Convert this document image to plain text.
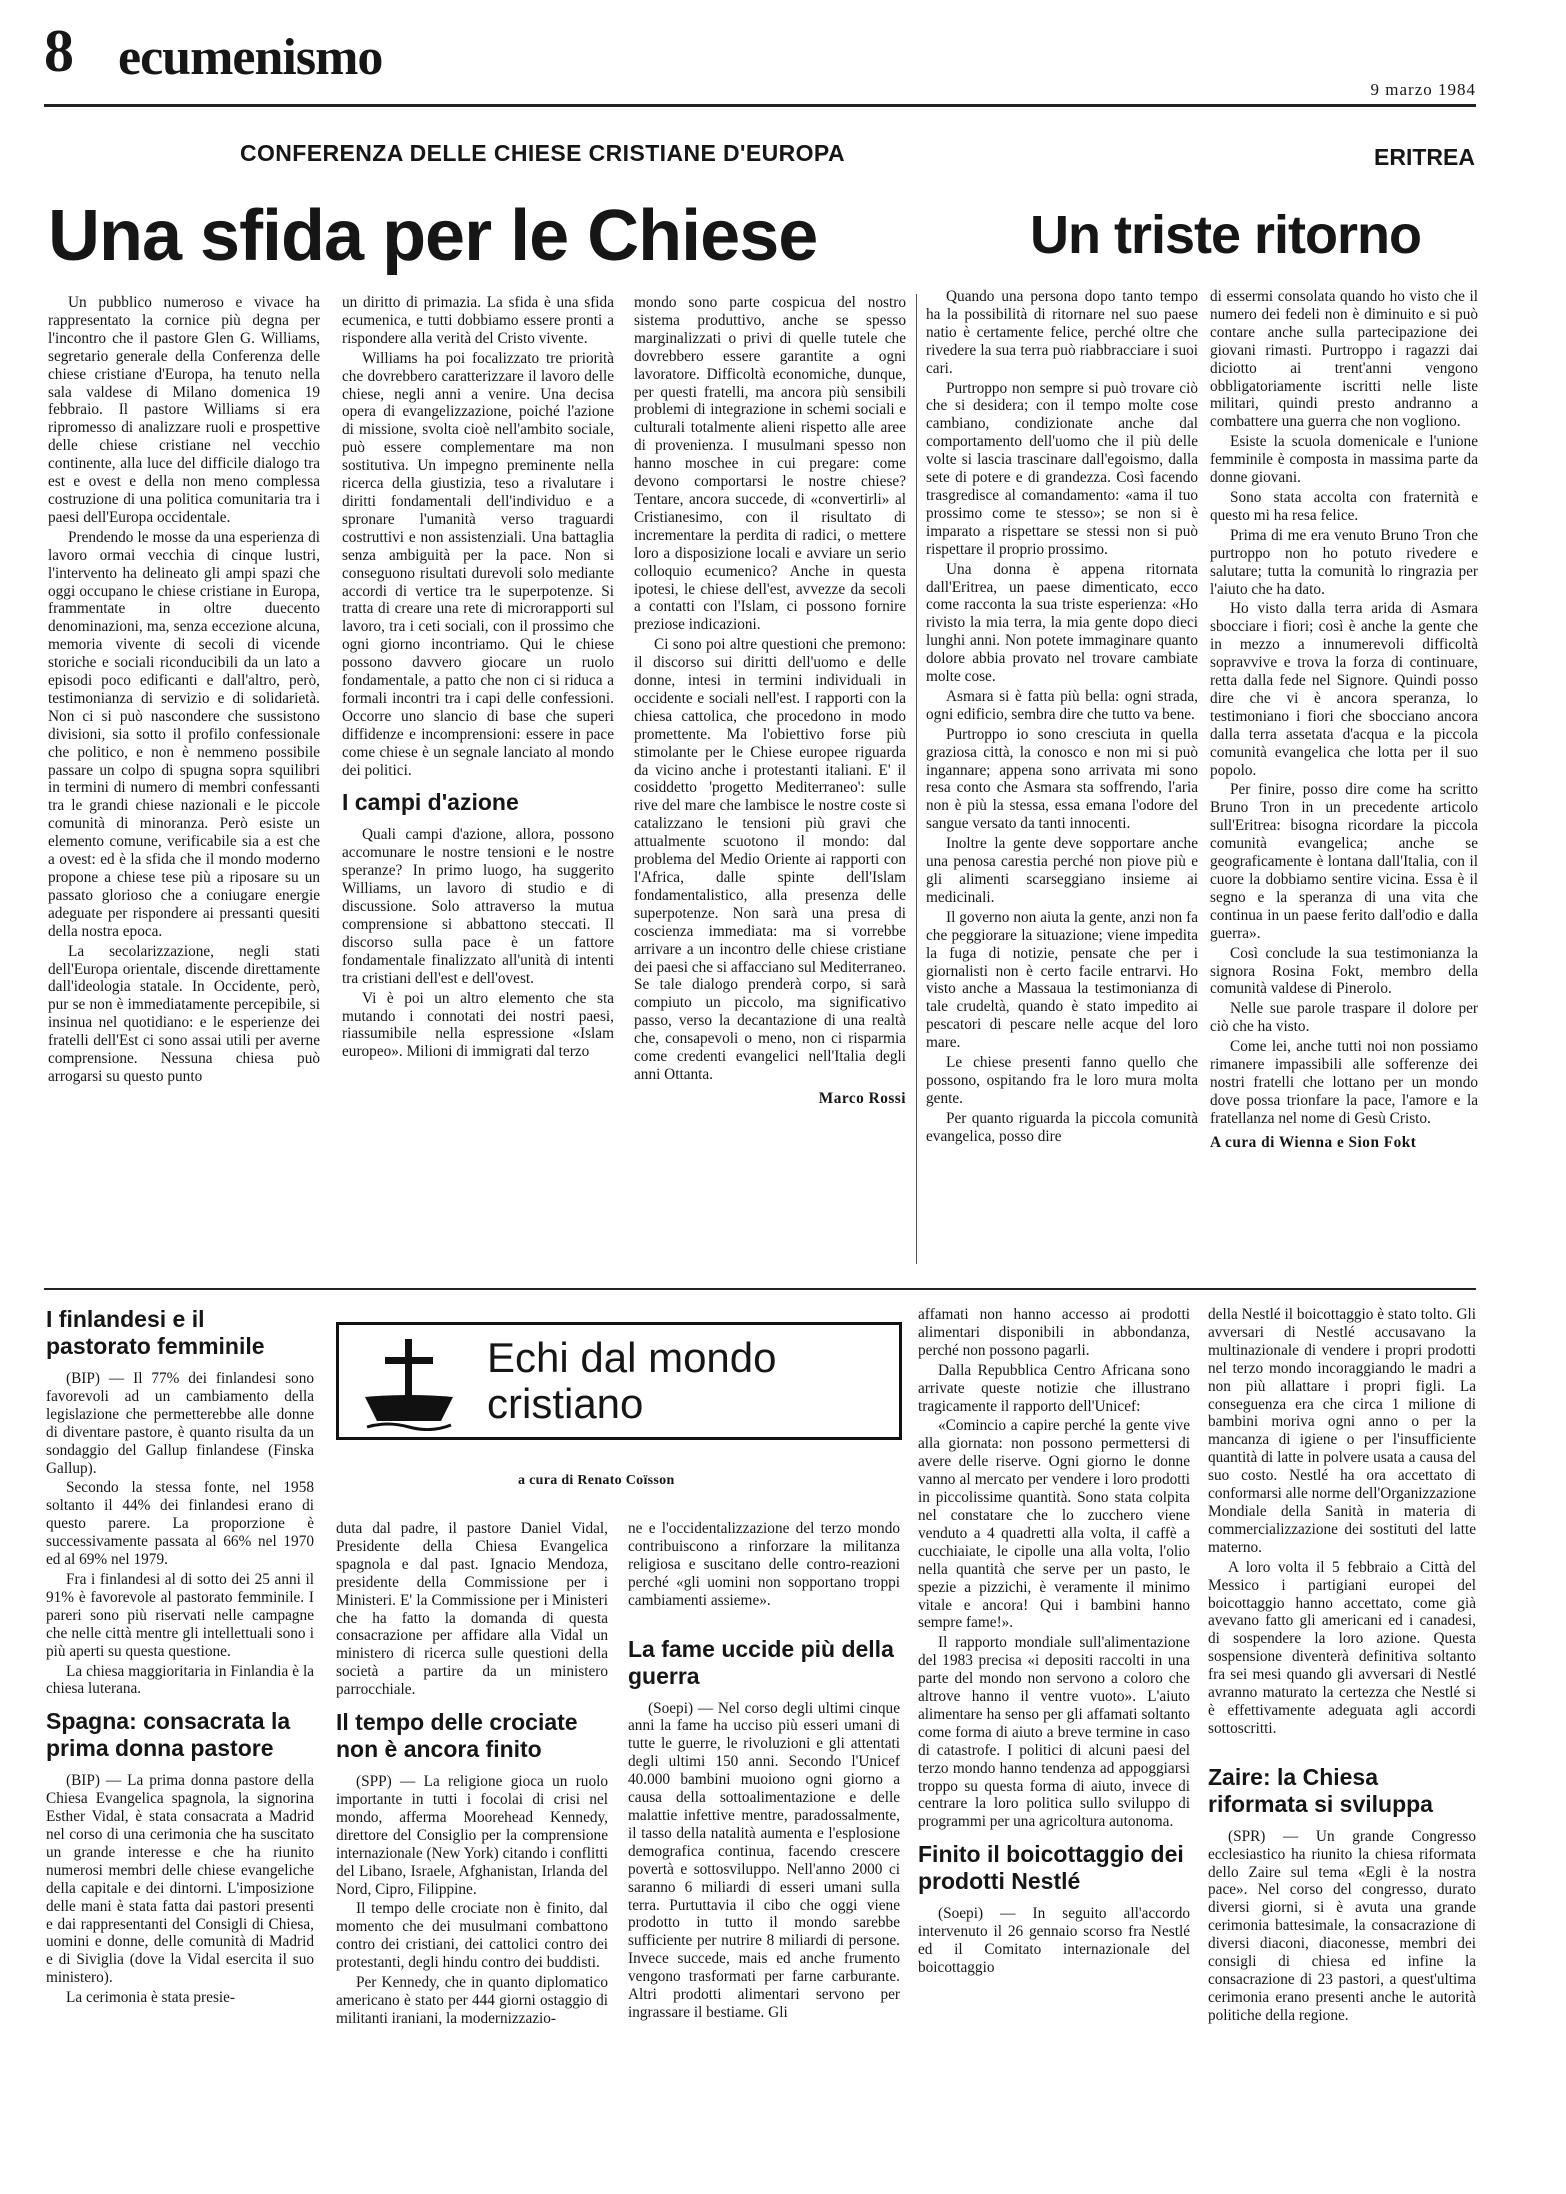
8 ecumenismo
9 marzo 1984
CONFERENZA DELLE CHIESE CRISTIANE D'EUROPA
Una sfida per le Chiese
ERITREA
Un triste ritorno

Un pubblico numeroso e vivace ha rappresentato la cornice più degna per l'incontro che il pastore Glen G. Williams, segretario generale della Conferenza delle chiese cristiane d'Europa, ha tenuto nella sala valdese di Milano domenica 19 febbraio. Il pastore Williams si era ripromesso di analizzare ruoli e prospettive delle chiese cristiane nel vecchio continente, alla luce del difficile dialogo tra est e ovest e della non meno complessa costruzione di una politica comunitaria tra i paesi dell'Europa occidentale.

Prendendo le mosse da una esperienza di lavoro ormai vecchia di cinque lustri, l'intervento ha delineato gli ampi spazi che oggi occupano le chiese cristiane in Europa, frammentate in oltre duecento denominazioni, ma, senza eccezione alcuna, memoria vivente di secoli di vicende storiche e sociali riconducibili da un lato a episodi poco edificanti e dall'altro, però, testimonianza di servizio e di solidarietà. Non ci si può nascondere che sussistono divisioni, sia sotto il profilo confessionale che politico, e non è nemmeno possibile passare un colpo di spugna sopra squilibri in termini di numero di membri confessanti tra le grandi chiese nazionali e le piccole comunità di minoranza. Però esiste un elemento comune, verificabile sia a est che a ovest: ed è la sfida che il mondo moderno propone a chiese tese più a riposare su un passato glorioso che a coniugare energie adeguate per rispondere ai pressanti quesiti della nostra epoca.

La secolarizzazione, negli stati dell'Europa orientale, discende direttamente dall'ideologia statale. In Occidente, però, pur se non è immediatamente percepibile, si insinua nel quotidiano: e le esperienze dei fratelli dell'Est ci sono assai utili per averne comprensione. Nessuna chiesa può arrogarsi su questo punto

un diritto di primazia. La sfida è una sfida ecumenica, e tutti dobbiamo essere pronti a rispondere alla verità del Cristo vivente.

Williams ha poi focalizzato tre priorità che dovrebbero caratterizzare il lavoro delle chiese, negli anni a venire. Una decisa opera di evangelizzazione, poiché l'azione di missione, svolta cioè nell'ambito sociale, può essere complementare ma non sostitutiva. Un impegno preminente nella ricerca della giustizia, teso a rivalutare i diritti fondamentali dell'individuo e a spronare l'umanità verso traguardi costruttivi e non assistenziali. Una battaglia senza ambiguità per la pace. Non si conseguono risultati durevoli solo mediante accordi di vertice tra le superpotenze. Si tratta di creare una rete di microrapporti sul lavoro, tra i ceti sociali, con il prossimo che ogni giorno incontriamo. Qui le chiese possono davvero giocare un ruolo fondamentale, a patto che non ci si riduca a formali incontri tra i capi delle confessioni. Occorre uno slancio di base che superi diffidenze e incomprensioni: essere in pace come chiese è un segnale lanciato al mondo dei politici.

I campi d'azione

Quali campi d'azione, allora, possono accomunare le nostre tensioni e le nostre speranze? In primo luogo, ha suggerito Williams, un lavoro di studio e di discussione. Solo attraverso la mutua comprensione si abbattono steccati. Il discorso sulla pace è un fattore fondamentale finalizzato all'unità di intenti tra cristiani dell'est e dell'ovest.

Vi è poi un altro elemento che sta mutando i connotati dei nostri paesi, riassumibile nella espressione «Islam europeo». Milioni di immigrati dal terzo

mondo sono parte cospicua del nostro sistema produttivo, anche se spesso marginalizzati o privi di quelle tutele che dovrebbero essere garantite a ogni lavoratore. Difficoltà economiche, dunque, per questi fratelli, ma ancora più sensibili problemi di integrazione in schemi sociali e culturali totalmente alieni rispetto alle aree di provenienza. I musulmani spesso non hanno moschee in cui pregare: come devono comportarsi le nostre chiese? Tentare, ancora succede, di «convertirli» al Cristianesimo, con il risultato di incrementare la perdita di radici, o mettere loro a disposizione locali e avviare un serio colloquio ecumenico? Anche in questa ipotesi, le chiese dell'est, avvezze da secoli a contatti con l'Islam, ci possono fornire preziose indicazioni.

Ci sono poi altre questioni che premono: il discorso sui diritti dell'uomo e delle donne, intesi in termini individuali in occidente e sociali nell'est. I rapporti con la chiesa cattolica, che procedono in modo promettente. Ma l'obiettivo forse più stimolante per le Chiese europee riguarda da vicino anche i protestanti italiani. E' il cosiddetto 'progetto Mediterraneo': sulle rive del mare che lambisce le nostre coste si catalizzano le tensioni più gravi che attualmente scuotono il mondo: dal problema del Medio Oriente ai rapporti con l'Africa, dalle spinte dell'Islam fondamentalistico, alla presenza delle superpotenze. Non sarà una presa di coscienza immediata: ma si vorrebbe arrivare a un incontro delle chiese cristiane dei paesi che si affacciano sul Mediterraneo. Se tale dialogo prenderà corpo, si sarà compiuto un piccolo, ma significativo passo, verso la decantazione di una realtà che, consapevoli o meno, non ci risparmia come credenti evangelici nell'Italia degli anni Ottanta.

Marco Rossi

Quando una persona dopo tanto tempo ha la possibilità di ritornare nel suo paese natio è certamente felice, perché oltre che rivedere la sua terra può riabbracciare i suoi cari.

Purtroppo non sempre si può trovare ciò che si desidera; con il tempo molte cose cambiano, condizionate anche dal comportamento dell'uomo che il più delle volte si lascia trascinare dall'egoismo, dalla sete di potere e di grandezza. Così facendo trasgredisce al comandamento: «ama il tuo prossimo come te stesso»; se non si è imparato a rispettare se stessi non si può rispettare il proprio prossimo.

Una donna è appena ritornata dall'Eritrea, un paese dimenticato, ecco come racconta la sua triste esperienza: «Ho rivisto la mia terra, la mia gente dopo dieci lunghi anni. Non potete immaginare quanto dolore abbia provato nel trovare cambiate molte cose.

Asmara si è fatta più bella: ogni strada, ogni edificio, sembra dire che tutto va bene.

Purtroppo io sono cresciuta in quella graziosa città, la conosco e non mi si può ingannare; appena sono arrivata mi sono resa conto che Asmara sta soffrendo, l'aria non è più la stessa, essa emana l'odore del sangue versato da tanti innocenti.

Inoltre la gente deve sopportare anche una penosa carestia perché non piove più e gli alimenti scarseggiano insieme ai medicinali.

Il governo non aiuta la gente, anzi non fa che peggiorare la situazione; viene impedita la fuga di notizie, pensate che per i giornalisti non è certo facile entrarvi. Ho visto anche a Massaua la testimonianza di tale crudeltà, quando è stato impedito ai pescatori di pescare nelle acque del loro mare.

Le chiese presenti fanno quello che possono, ospitando fra le loro mura molta gente.

Per quanto riguarda la piccola comunità evangelica, posso dire

di essermi consolata quando ho visto che il numero dei fedeli non è diminuito e si può contare anche sulla partecipazione dei giovani rimasti. Purtroppo i ragazzi dai diciotto ai trent'anni vengono obbligatoriamente iscritti nelle liste militari, quindi presto andranno a combattere una guerra che non vogliono.

Esiste la scuola domenicale e l'unione femminile è composta in massima parte da donne giovani.

Sono stata accolta con fraternità e questo mi ha resa felice.

Prima di me era venuto Bruno Tron che purtroppo non ho potuto rivedere e salutare; tutta la comunità lo ringrazia per l'aiuto che ha dato.

Ho visto dalla terra arida di Asmara sbocciare i fiori; così è anche la gente che in mezzo a innumerevoli difficoltà sopravvive e trova la forza di continuare, retta dalla fede nel Signore. Quindi posso dire che vi è ancora speranza, lo testimoniano i fiori che sbocciano ancora dalla terra assetata d'acqua e la piccola comunità evangelica che lotta per il suo popolo.

Per finire, posso dire come ha scritto Bruno Tron in un precedente articolo sull'Eritrea: bisogna ricordare la piccola comunità evangelica; anche se geograficamente è lontana dall'Italia, con il cuore la dobbiamo sentire vicina. Essa è il segno e la speranza di una vita che continua in un paese ferito dall'odio e dalla guerra».

Così conclude la sua testimonianza la signora Rosina Fokt, membro della comunità valdese di Pinerolo.

Nelle sue parole traspare il dolore per ciò che ha visto.

Come lei, anche tutti noi non possiamo rimanere impassibili alle sofferenze dei nostri fratelli che lottano per un mondo dove possa trionfare la pace, l'amore e la fratellanza nel nome di Gesù Cristo.

A cura di Wienna e Sion Fokt
Echi dal mondo
cristiano
a cura di Renato Coïsson
I finlandesi e il pastorato femminile

(BIP) — Il 77% dei finlandesi sono favorevoli ad un cambiamento della legislazione che permetterebbe alle donne di diventare pastore, è quanto risulta da un sondaggio del Gallup finlandese (Finska Gallup).

Secondo la stessa fonte, nel 1958 soltanto il 44% dei finlandesi erano di questo parere. La proporzione è successivamente passata al 66% nel 1970 ed al 69% nel 1979.

Fra i finlandesi al di sotto dei 25 anni il 91% è favorevole al pastorato femminile. I pareri sono più riservati nelle campagne che nelle città mentre gli intellettuali sono i più aperti su questa questione.

La chiesa maggioritaria in Finlandia è la chiesa luterana.

Spagna: consacrata la prima donna pastore

(BIP) — La prima donna pastore della Chiesa Evangelica spagnola, la signorina Esther Vidal, è stata consacrata a Madrid nel corso di una cerimonia che ha suscitato un grande interesse e che ha riunito numerosi membri delle chiese evangeliche della capitale e dei dintorni. L'imposizione delle mani è stata fatta dai pastori presenti e dai rappresentanti del Consigli di Chiesa, uomini e donne, delle comunità di Madrid e di Siviglia (dove la Vidal esercita il suo ministero).

La cerimonia è stata presie-

duta dal padre, il pastore Daniel Vidal, Presidente della Chiesa Evangelica spagnola e dal past. Ignacio Mendoza, presidente della Commissione per i Ministeri. E' la Commissione per i Ministeri che ha fatto la domanda di questa consacrazione per affidare alla Vidal un ministero di ricerca sulle questioni della società a partire da un ministero parrocchiale.

Il tempo delle crociate non è ancora finito

(SPP) — La religione gioca un ruolo importante in tutti i focolai di crisi nel mondo, afferma Moorehead Kennedy, direttore del Consiglio per la comprensione internazionale (New York) citando i conflitti del Libano, Israele, Afghanistan, Irlanda del Nord, Cipro, Filippine.

Il tempo delle crociate non è finito, dal momento che dei musulmani combattono contro dei cristiani, dei cattolici contro dei protestanti, degli hindu contro dei buddisti.

Per Kennedy, che in quanto diplomatico americano è stato per 444 giorni ostaggio di militanti iraniani, la modernizzazio-

ne e l'occidentalizzazione del terzo mondo contribuiscono a rinforzare la militanza religiosa e suscitano delle contro-reazioni perché «gli uomini non sopportano troppi cambiamenti assieme».

La fame uccide più della guerra

(Soepi) — Nel corso degli ultimi cinque anni la fame ha ucciso più esseri umani di tutte le guerre, le rivoluzioni e gli attentati degli ultimi 150 anni. Secondo l'Unicef 40.000 bambini muoiono ogni giorno a causa della sottoalimentazione e delle malattie infettive mentre, paradossalmente, il tasso della natalità aumenta e l'esplosione demografica continua, facendo crescere povertà e sottosviluppo. Nell'anno 2000 ci saranno 6 miliardi di esseri umani sulla terra. Purtuttavia il cibo che oggi viene prodotto in tutto il mondo sarebbe sufficiente per nutrire 8 miliardi di persone. Invece succede, mais ed anche frumento vengono trasformati per farne carburante. Altri prodotti alimentari servono per ingrassare il bestiame. Gli

affamati non hanno accesso ai prodotti alimentari disponibili in abbondanza, perché non possono pagarli.

Dalla Repubblica Centro Africana sono arrivate queste notizie che illustrano tragicamente il rapporto dell'Unicef:

«Comincio a capire perché la gente vive alla giornata: non possono permettersi di avere delle riserve. Ogni giorno le donne vanno al mercato per vendere i loro prodotti in piccolissime quantità. Sono stata colpita nel constatare che lo zucchero viene venduto a 4 quadretti alla volta, il caffè a cucchiaiate, le cipolle una alla volta, l'olio nella quantità che serve per un pasto, le spezie a pizzichi, è veramente il minimo vitale e ancora! Qui i bambini hanno sempre fame!».

Il rapporto mondiale sull'alimentazione del 1983 precisa «i depositi raccolti in una parte del mondo non servono a coloro che altrove hanno il ventre vuoto». L'aiuto alimentare ha senso per gli affamati soltanto come forma di aiuto a breve termine in caso di catastrofe. I politici di alcuni paesi del terzo mondo hanno tendenza ad appoggiarsi troppo su questa forma di aiuto, invece di centrare la loro politica sullo sviluppo di programmi per una agricoltura autonoma.

Finito il boicottaggio dei prodotti Nestlé

(Soepi) — In seguito all'accordo intervenuto il 26 gennaio scorso fra Nestlé ed il Comitato internazionale del boicottaggio

della Nestlé il boicottaggio è stato tolto. Gli avversari di Nestlé accusavano la multinazionale di vendere i propri prodotti nel terzo mondo incoraggiando le madri a non più allattare i propri figli. La conseguenza era che circa 1 milione di bambini moriva ogni anno o per la mancanza di igiene o per l'insufficiente quantità di latte in polvere usata a causa del suo costo. Nestlé ha ora accettato di conformarsi alle norme dell'Organizzazione Mondiale della Sanità in materia di commercializzazione dei sostituti del latte materno.

A loro volta il 5 febbraio a Città del Messico i partigiani europei del boicottaggio hanno accettato, come già avevano fatto gli americani ed i canadesi, di sospendere la loro azione. Questa sospensione diventerà definitiva soltanto fra sei mesi quando gli avversari di Nestlé avranno maturato la certezza che Nestlé si è effettivamente adeguata agli accordi sottoscritti.

Zaire: la Chiesa riformata si sviluppa

(SPR) — Un grande Congresso ecclesiastico ha riunito la chiesa riformata dello Zaire sul tema «Egli è la nostra pace». Nel corso del congresso, durato diversi giorni, si è avuta una grande cerimonia battesimale, la consacrazione di diversi diaconi, diaconesse, membri dei consigli di chiesa ed infine la consacrazione di 23 pastori, a quest'ultima cerimonia erano presenti anche le autorità politiche della regione.
